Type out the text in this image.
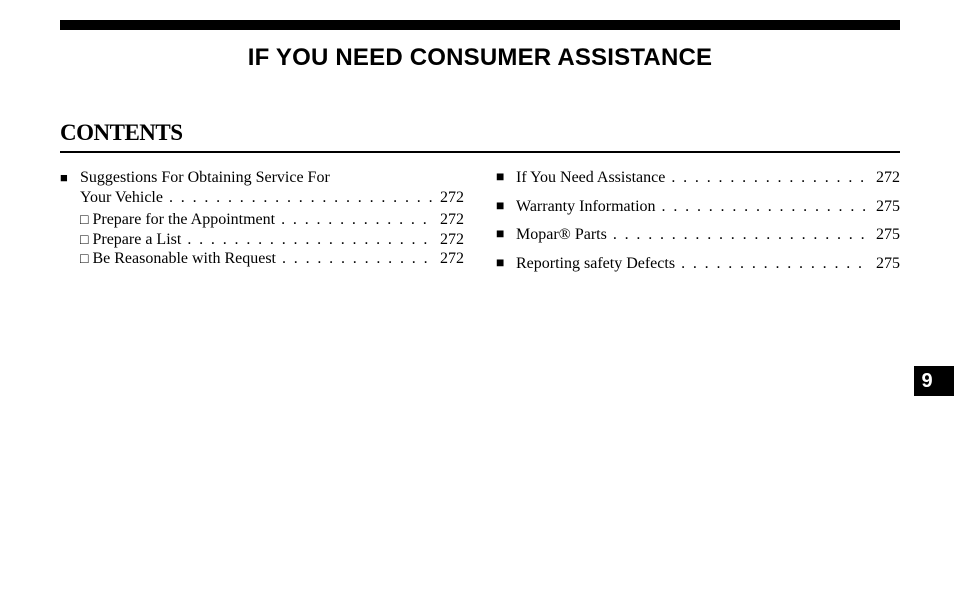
IF YOU NEED CONSUMER ASSISTANCE
CONTENTS
■ Suggestions For Obtaining Service For
Your Vehicle . . .	272
□ Prepare for the Appointment . . .	272
□ Prepare a List . . .	272
□ Be Reasonable with Request . . .	272
■ If You Need Assistance . . .	272
■ Warranty Information . . .	275
■ Mopar® Parts . . .	275
■ Reporting safety Defects . . .	275
9
